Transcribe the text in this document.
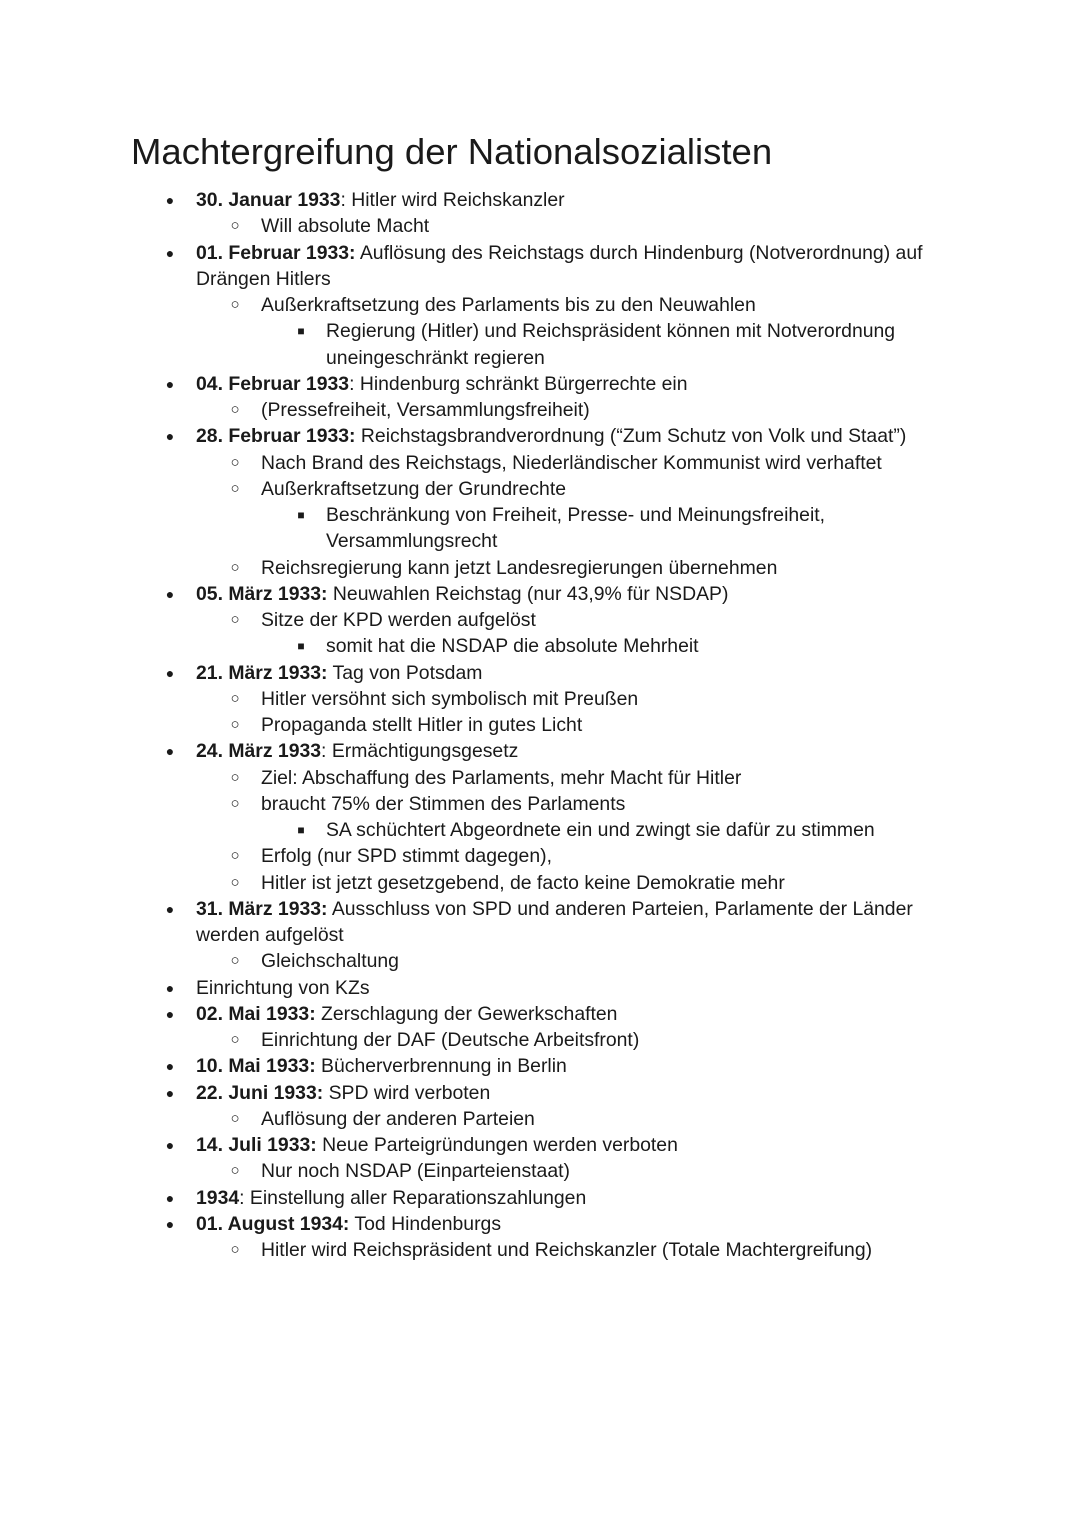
Machtergreifung der Nationalsozialisten
● 30. Januar 1933: Hitler wird Reichskanzler
○ Will absolute Macht
● 01. Februar 1933: Auflösung des Reichstags durch Hindenburg (Notverordnung) auf Drängen Hitlers
○ Außerkraftsetzung des Parlaments bis zu den Neuwahlen
■	Regierung (Hitler) und Reichspräsident können mit Notverordnung uneingeschränkt regieren
● 04. Februar 1933: Hindenburg schränkt Bürgerrechte ein
○ (Pressefreiheit, Versammlungsfreiheit)
● 28. Februar 1933: Reichstagsbrandverordnung (“Zum Schutz von Volk und Staat”)
○ Nach Brand des Reichstags, Niederländischer Kommunist wird verhaftet
○ Außerkraftsetzung der Grundrechte
■	Beschränkung von Freiheit, Presse- und Meinungsfreiheit, Versammlungsrecht
○ Reichsregierung kann jetzt Landesregierungen übernehmen
● 05. März 1933: Neuwahlen Reichstag (nur 43,9% für NSDAP)
○ Sitze der KPD werden aufgelöst
■	somit hat die NSDAP die absolute Mehrheit
● 21. März 1933: Tag von Potsdam
○ Hitler versöhnt sich symbolisch mit Preußen
○ Propaganda stellt Hitler in gutes Licht
● 24. März 1933: Ermächtigungsgesetz
○ Ziel: Abschaffung des Parlaments, mehr Macht für Hitler
○ braucht 75% der Stimmen des Parlaments
■	SA schüchtert Abgeordnete ein und zwingt sie dafür zu stimmen
○ Erfolg (nur SPD stimmt dagegen),
○ Hitler ist jetzt gesetzgebend, de facto keine Demokratie mehr
● 31. März 1933: Ausschluss von SPD und anderen Parteien, Parlamente der Länder werden aufgelöst
○ Gleichschaltung
● Einrichtung von KZs
● 02. Mai 1933: Zerschlagung der Gewerkschaften
○ Einrichtung der DAF (Deutsche Arbeitsfront)
● 10. Mai 1933: Bücherverbrennung in Berlin
● 22. Juni 1933: SPD wird verboten
○ Auflösung der anderen Parteien
● 14. Juli 1933: Neue Parteigründungen werden verboten
○ Nur noch NSDAP (Einparteienstaat)
● 1934: Einstellung aller Reparationszahlungen
● 01. August 1934: Tod Hindenburgs
○ Hitler wird Reichspräsident und Reichskanzler (Totale Machtergreifung)
